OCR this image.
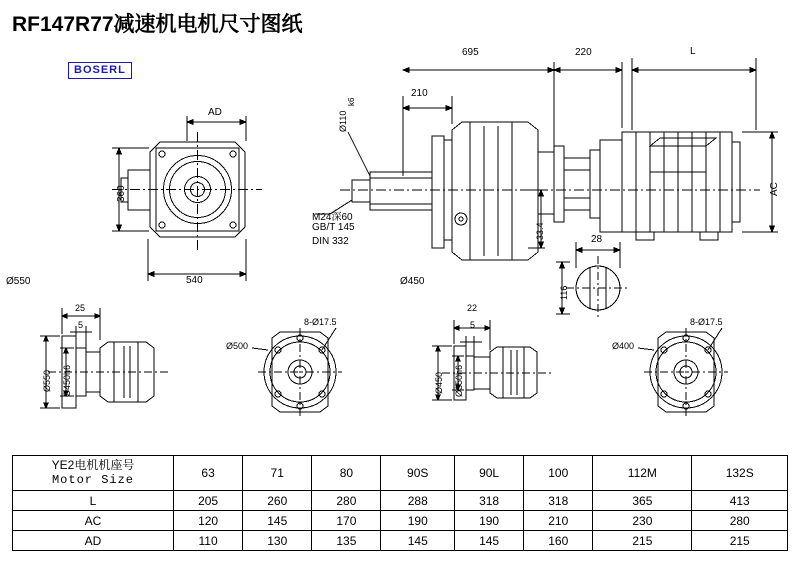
RF147R77减速机电机尺寸图纸
BOSERL
695	220	L
210
Ø110
k6
AD
360
540
AC
33.4	28
116
M24深60
GB/T 145
DIN 332
Ø550	Ø450
25
5
Ø550 Ø450h6
Ø500
8-Ø17.5
22
5
Ø450 Ø350h6
Ø400
8-Ø17.5
YE2电机机座号
Motor Size	63	71	80	90S	90L	100	112M	132S
L	205	260	280	288	318	318	365	413
AC	120	145	170	190	190	210	230	280
AD	110	130	135	145	145	160	215	215
